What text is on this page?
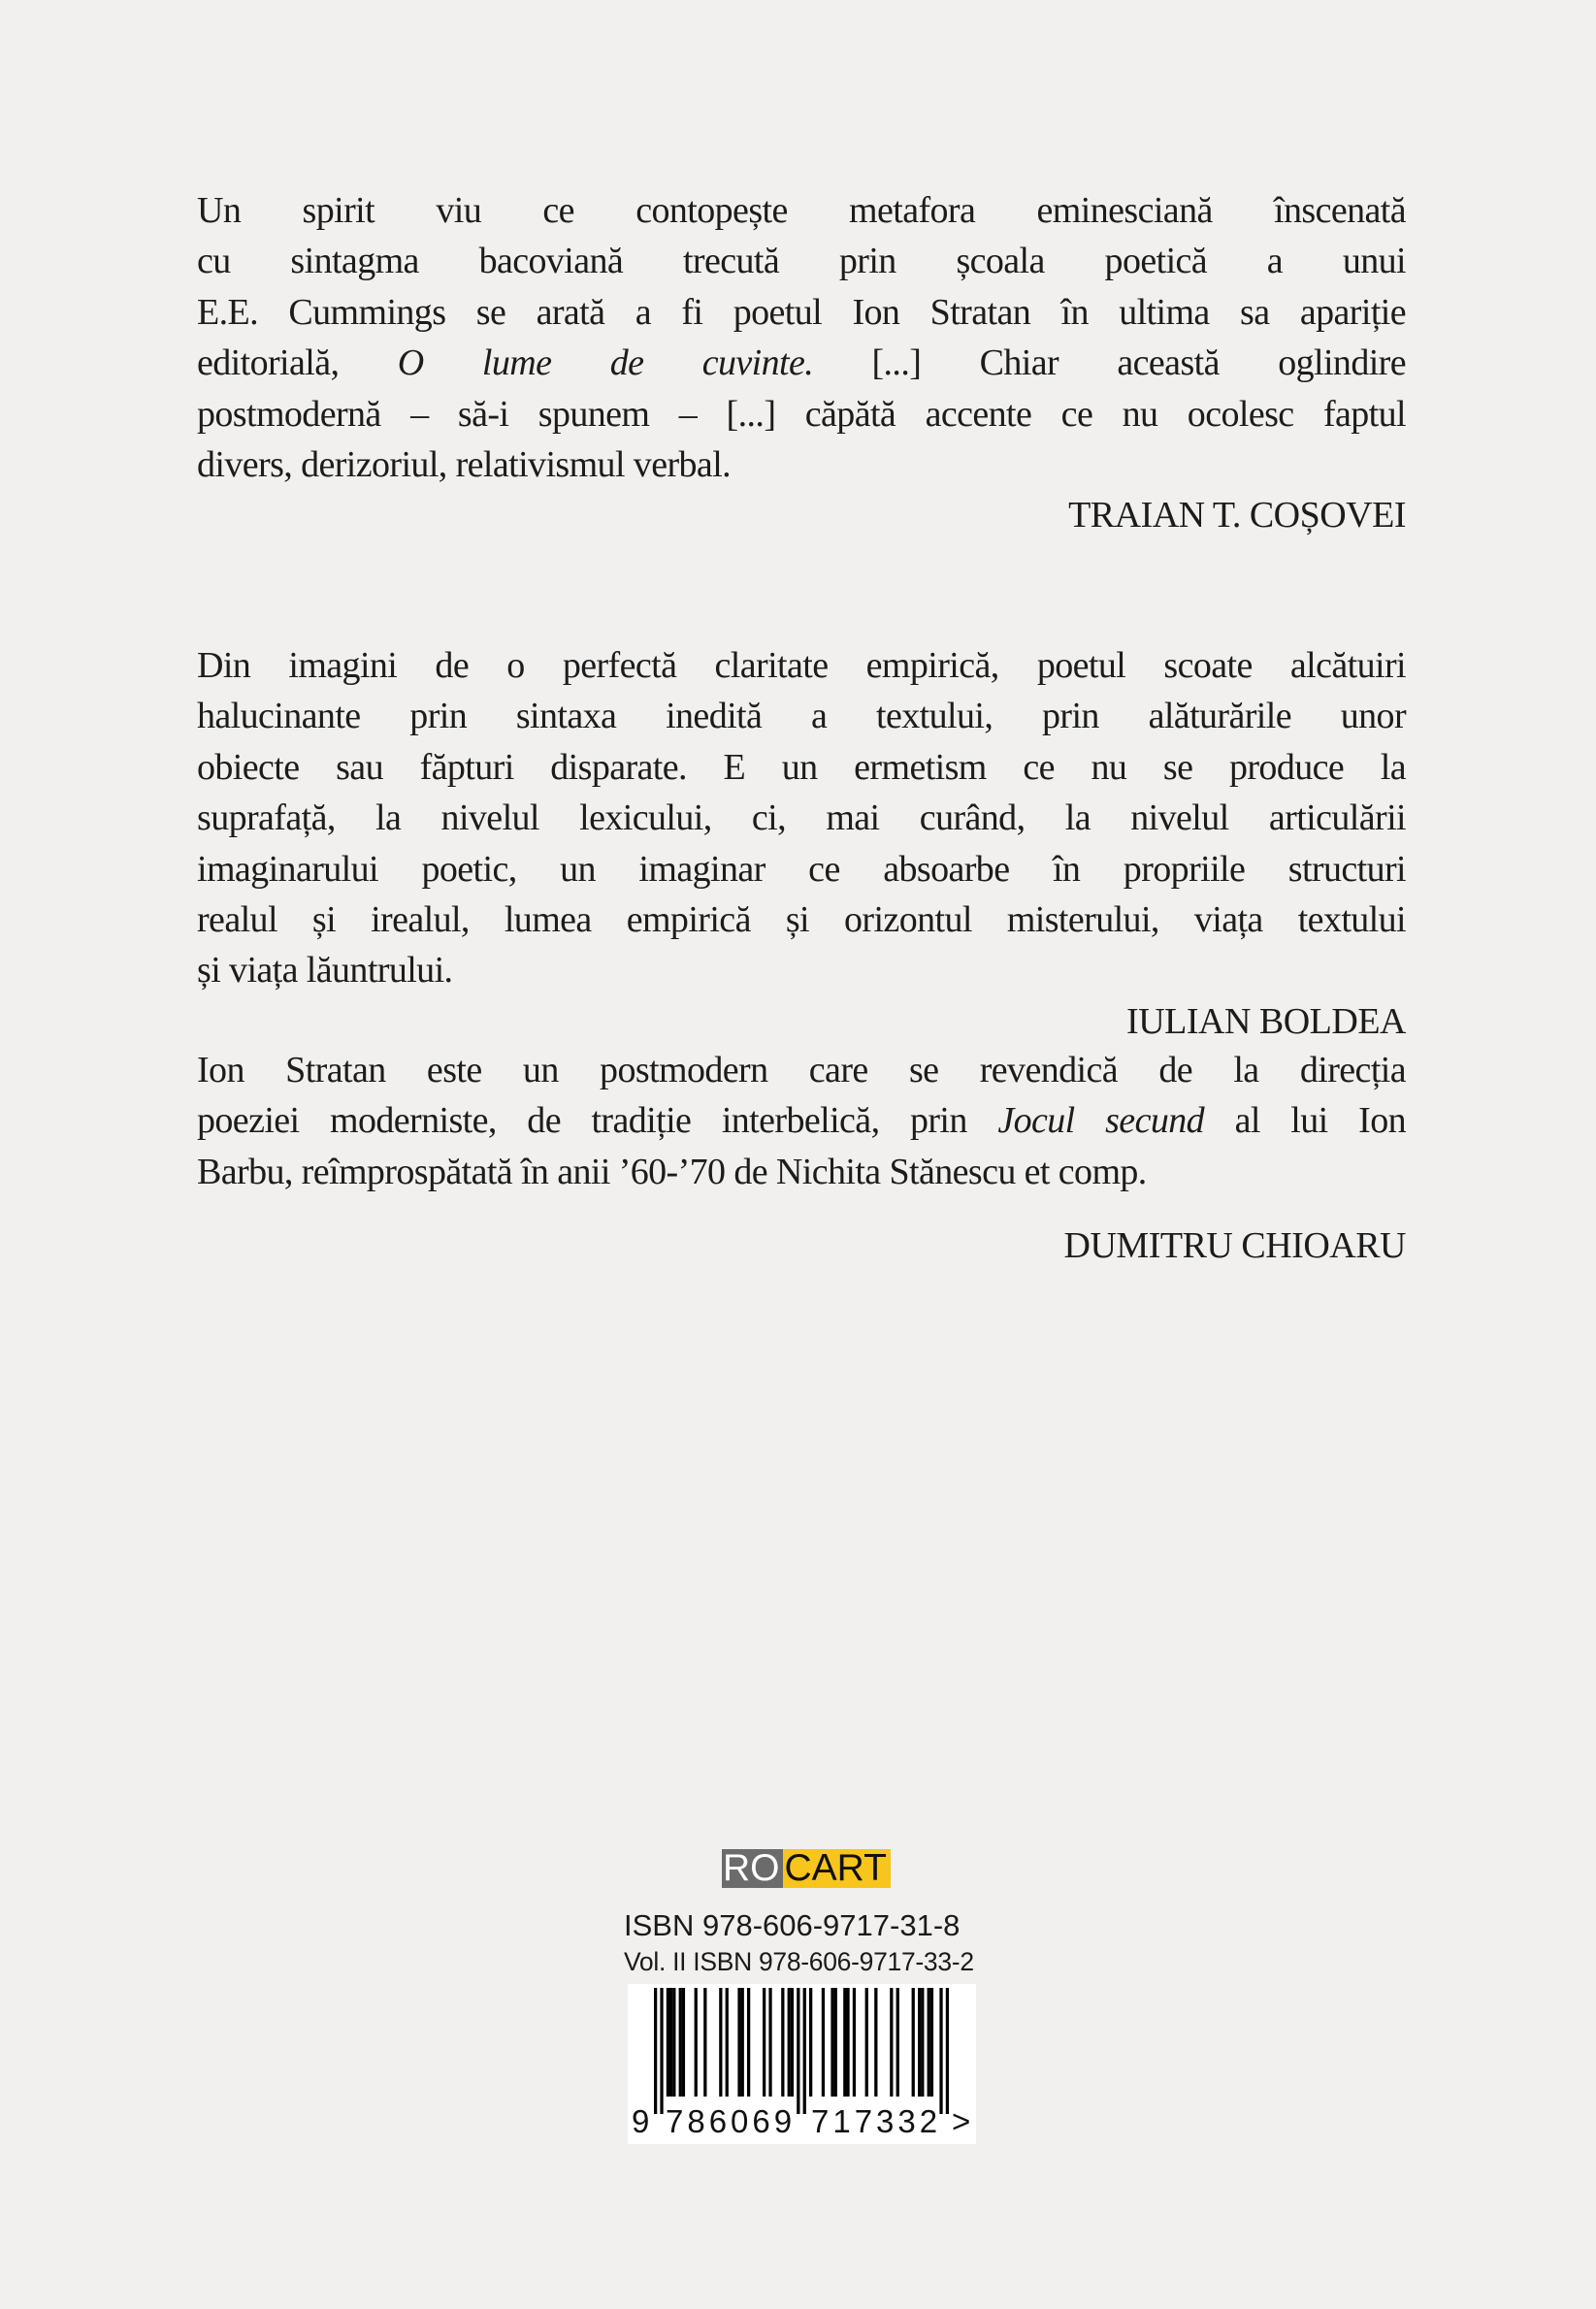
Un spirit viu ce contopește metafora eminesciană înscenată
cu sintagma bacoviană trecută prin școala poetică a unui
E.E. Cummings se arată a fi poetul Ion Stratan în ultima sa apariție
editorială, O lume de cuvinte. [...] Chiar această oglindire
postmodernă – să-i spunem – [...] căpătă accente ce nu ocolesc faptul
divers, derizoriul, relativismul verbal.
TRAIAN T. COȘOVEI
Din imagini de o perfectă claritate empirică, poetul scoate alcătuiri
halucinante prin sintaxa inedită a textului, prin alăturările unor
obiecte sau făpturi disparate. E un ermetism ce nu se produce la
suprafață, la nivelul lexicului, ci, mai curând, la nivelul articulării
imaginarului poetic, un imaginar ce absoarbe în propriile structuri
realul și irealul, lumea empirică și orizontul misterului, viața textului
și viața lăuntrului.
IULIAN BOLDEA
Ion Stratan este un postmodern care se revendică de la direcția
poeziei moderniste, de tradiție interbelică, prin Jocul secund al lui Ion
Barbu, reîmprospătată în anii ’60-’70 de Nichita Stănescu et comp.
DUMITRU CHIOARU
RO CART
ISBN 978-606-9717-31-8
Vol. II ISBN 978-606-9717-33-2
9 786069 717332 >
